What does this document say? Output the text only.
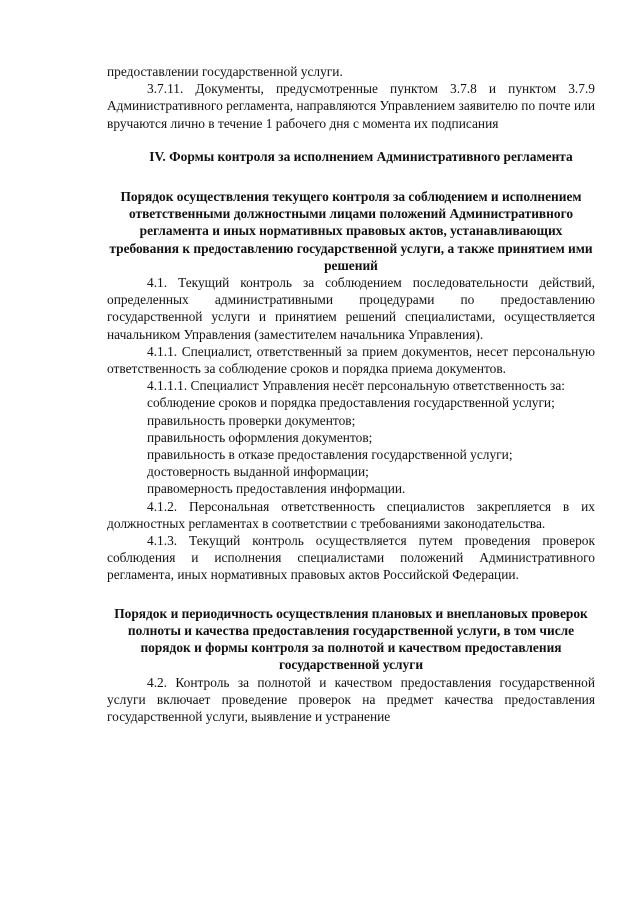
предоставлении государственной услуги.

3.7.11. Документы, предусмотренные пунктом 3.7.8 и пунктом 3.7.9 Административного регламента, направляются Управлением заявителю по почте или вручаются лично в течение 1 рабочего дня с момента их подписания

IV. Формы контроля за исполнением Административного регламента

Порядок осуществления текущего контроля за соблюдением и исполнением ответственными должностными лицами положений Административного регламента и иных нормативных правовых актов, устанавливающих требования к предоставлению государственной услуги, а также принятием ими решений

4.1. Текущий контроль за соблюдением последовательности действий, определенных административными процедурами по предоставлению государственной услуги и принятием решений специалистами, осуществляется начальником Управления (заместителем начальника Управления).

4.1.1. Специалист, ответственный за прием документов, несет персональную ответственность за соблюдение сроков и порядка приема документов.

4.1.1.1. Специалист Управления несёт персональную ответственность за:

соблюдение сроков и порядка предоставления государственной услуги;

правильность проверки документов;

правильность оформления документов;

правильность в отказе предоставления государственной услуги;

достоверность выданной информации;

правомерность предоставления информации.

4.1.2. Персональная ответственность специалистов закрепляется в их должностных регламентах в соответствии с требованиями законодательства.

4.1.3. Текущий контроль осуществляется путем проведения проверок соблюдения и исполнения специалистами положений Административного регламента, иных нормативных правовых актов Российской Федерации.

Порядок и периодичность осуществления плановых и внеплановых проверок полноты и качества предоставления государственной услуги, в том числе порядок и формы контроля за полнотой и качеством предоставления государственной услуги

4.2. Контроль за полнотой и качеством предоставления государственной услуги включает проведение проверок на предмет качества предоставления государственной услуги, выявление и устранение
